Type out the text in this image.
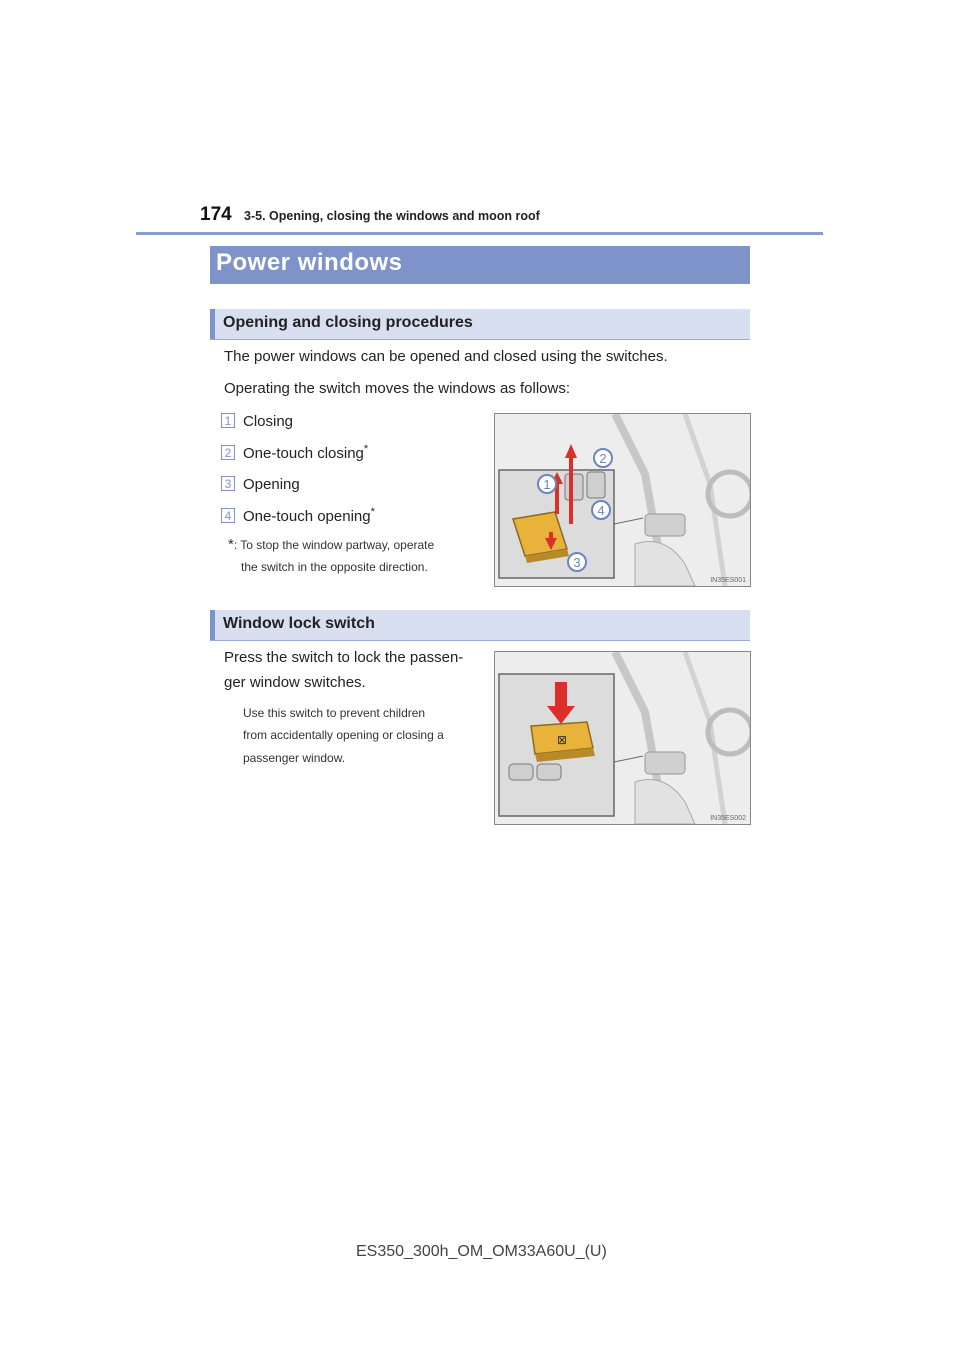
174 3-5. Opening, closing the windows and moon roof
Power windows
Opening and closing procedures
The power windows can be opened and closed using the switches.
Operating the switch moves the windows as follows:
1 Closing
2 One-touch closing*
3 Opening
4 One-touch opening*
*: To stop the window partway, operate
the switch in the opposite direction.
1
2
3
4
IN35ES001
Window lock switch
Press the switch to lock the passen-
ger window switches.
Use this switch to prevent children
from accidentally opening or closing a
passenger window.
⊠
IN35ES002
ES350_300h_OM_OM33A60U_(U)
